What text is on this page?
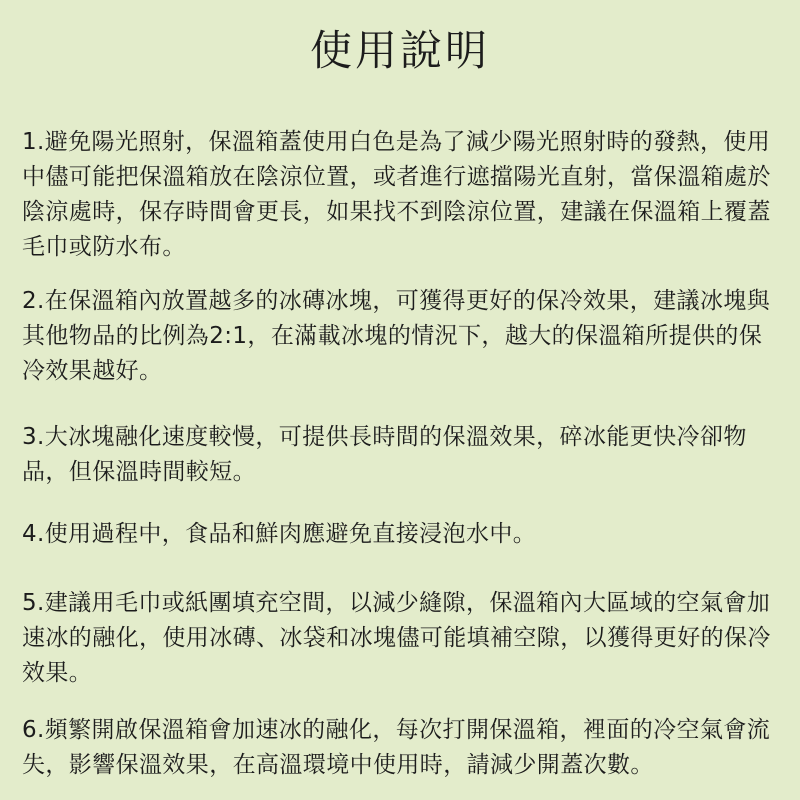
使用說明

1.避免陽光照射，保溫箱蓋使用白色是為了減少陽光照射時的發熱，使用中儘可能把保溫箱放在陰涼位置，或者進行遮擋陽光直射，當保溫箱處於陰涼處時，保存時間會更長，如果找不到陰涼位置，建議在保溫箱上覆蓋毛巾或防水布。

2.在保溫箱內放置越多的冰磚冰塊，可獲得更好的保冷效果，建議冰塊與其他物品的比例為2:1，在滿載冰塊的情況下，越大的保溫箱所提供的保冷效果越好。

3.大冰塊融化速度較慢，可提供長時間的保溫效果，碎冰能更快冷卻物品，但保溫時間較短。

4.使用過程中，食品和鮮肉應避免直接浸泡水中。

5.建議用毛巾或紙團填充空間，以減少縫隙，保溫箱內大區域的空氣會加速冰的融化，使用冰磚、冰袋和冰塊儘可能填補空隙，以獲得更好的保冷效果。

6.頻繁開啟保溫箱會加速冰的融化，每次打開保溫箱，裡面的冷空氣會流失，影響保溫效果，在高溫環境中使用時，請減少開蓋次數。
